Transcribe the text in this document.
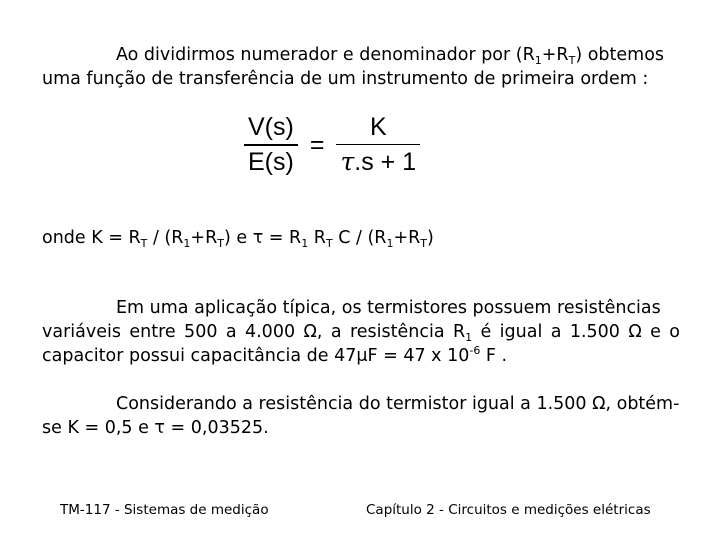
Ao dividirmos numerador e denominador por $(R_1+R_T)$ obtemos
uma função de transferência de um instrumento de primeira ordem :
$\frac{V(s)}{E(s)} = \frac{K}{\tau.s + 1}$
onde $K = R_T / (R_1+R_T)$ e $\tau = R_1$ $R_T$ $C / (R_1+R_T)$
Em uma aplicação típica, os termistores possuem resistências
variáveis entre 500 a 4.000 Ω, a resistência $R_1$ é igual a 1.500 Ω e o
capacitor possui capacitância de 47μF = 47 x $10^{-6}$ F .
Considerando a resistência do termistor igual a 1.500 Ω, obtém-
se K = 0,5 e τ = 0,03525.
TM-117 - Sistemas de medição	Capítulo 2 - Circuitos e medições elétricas
